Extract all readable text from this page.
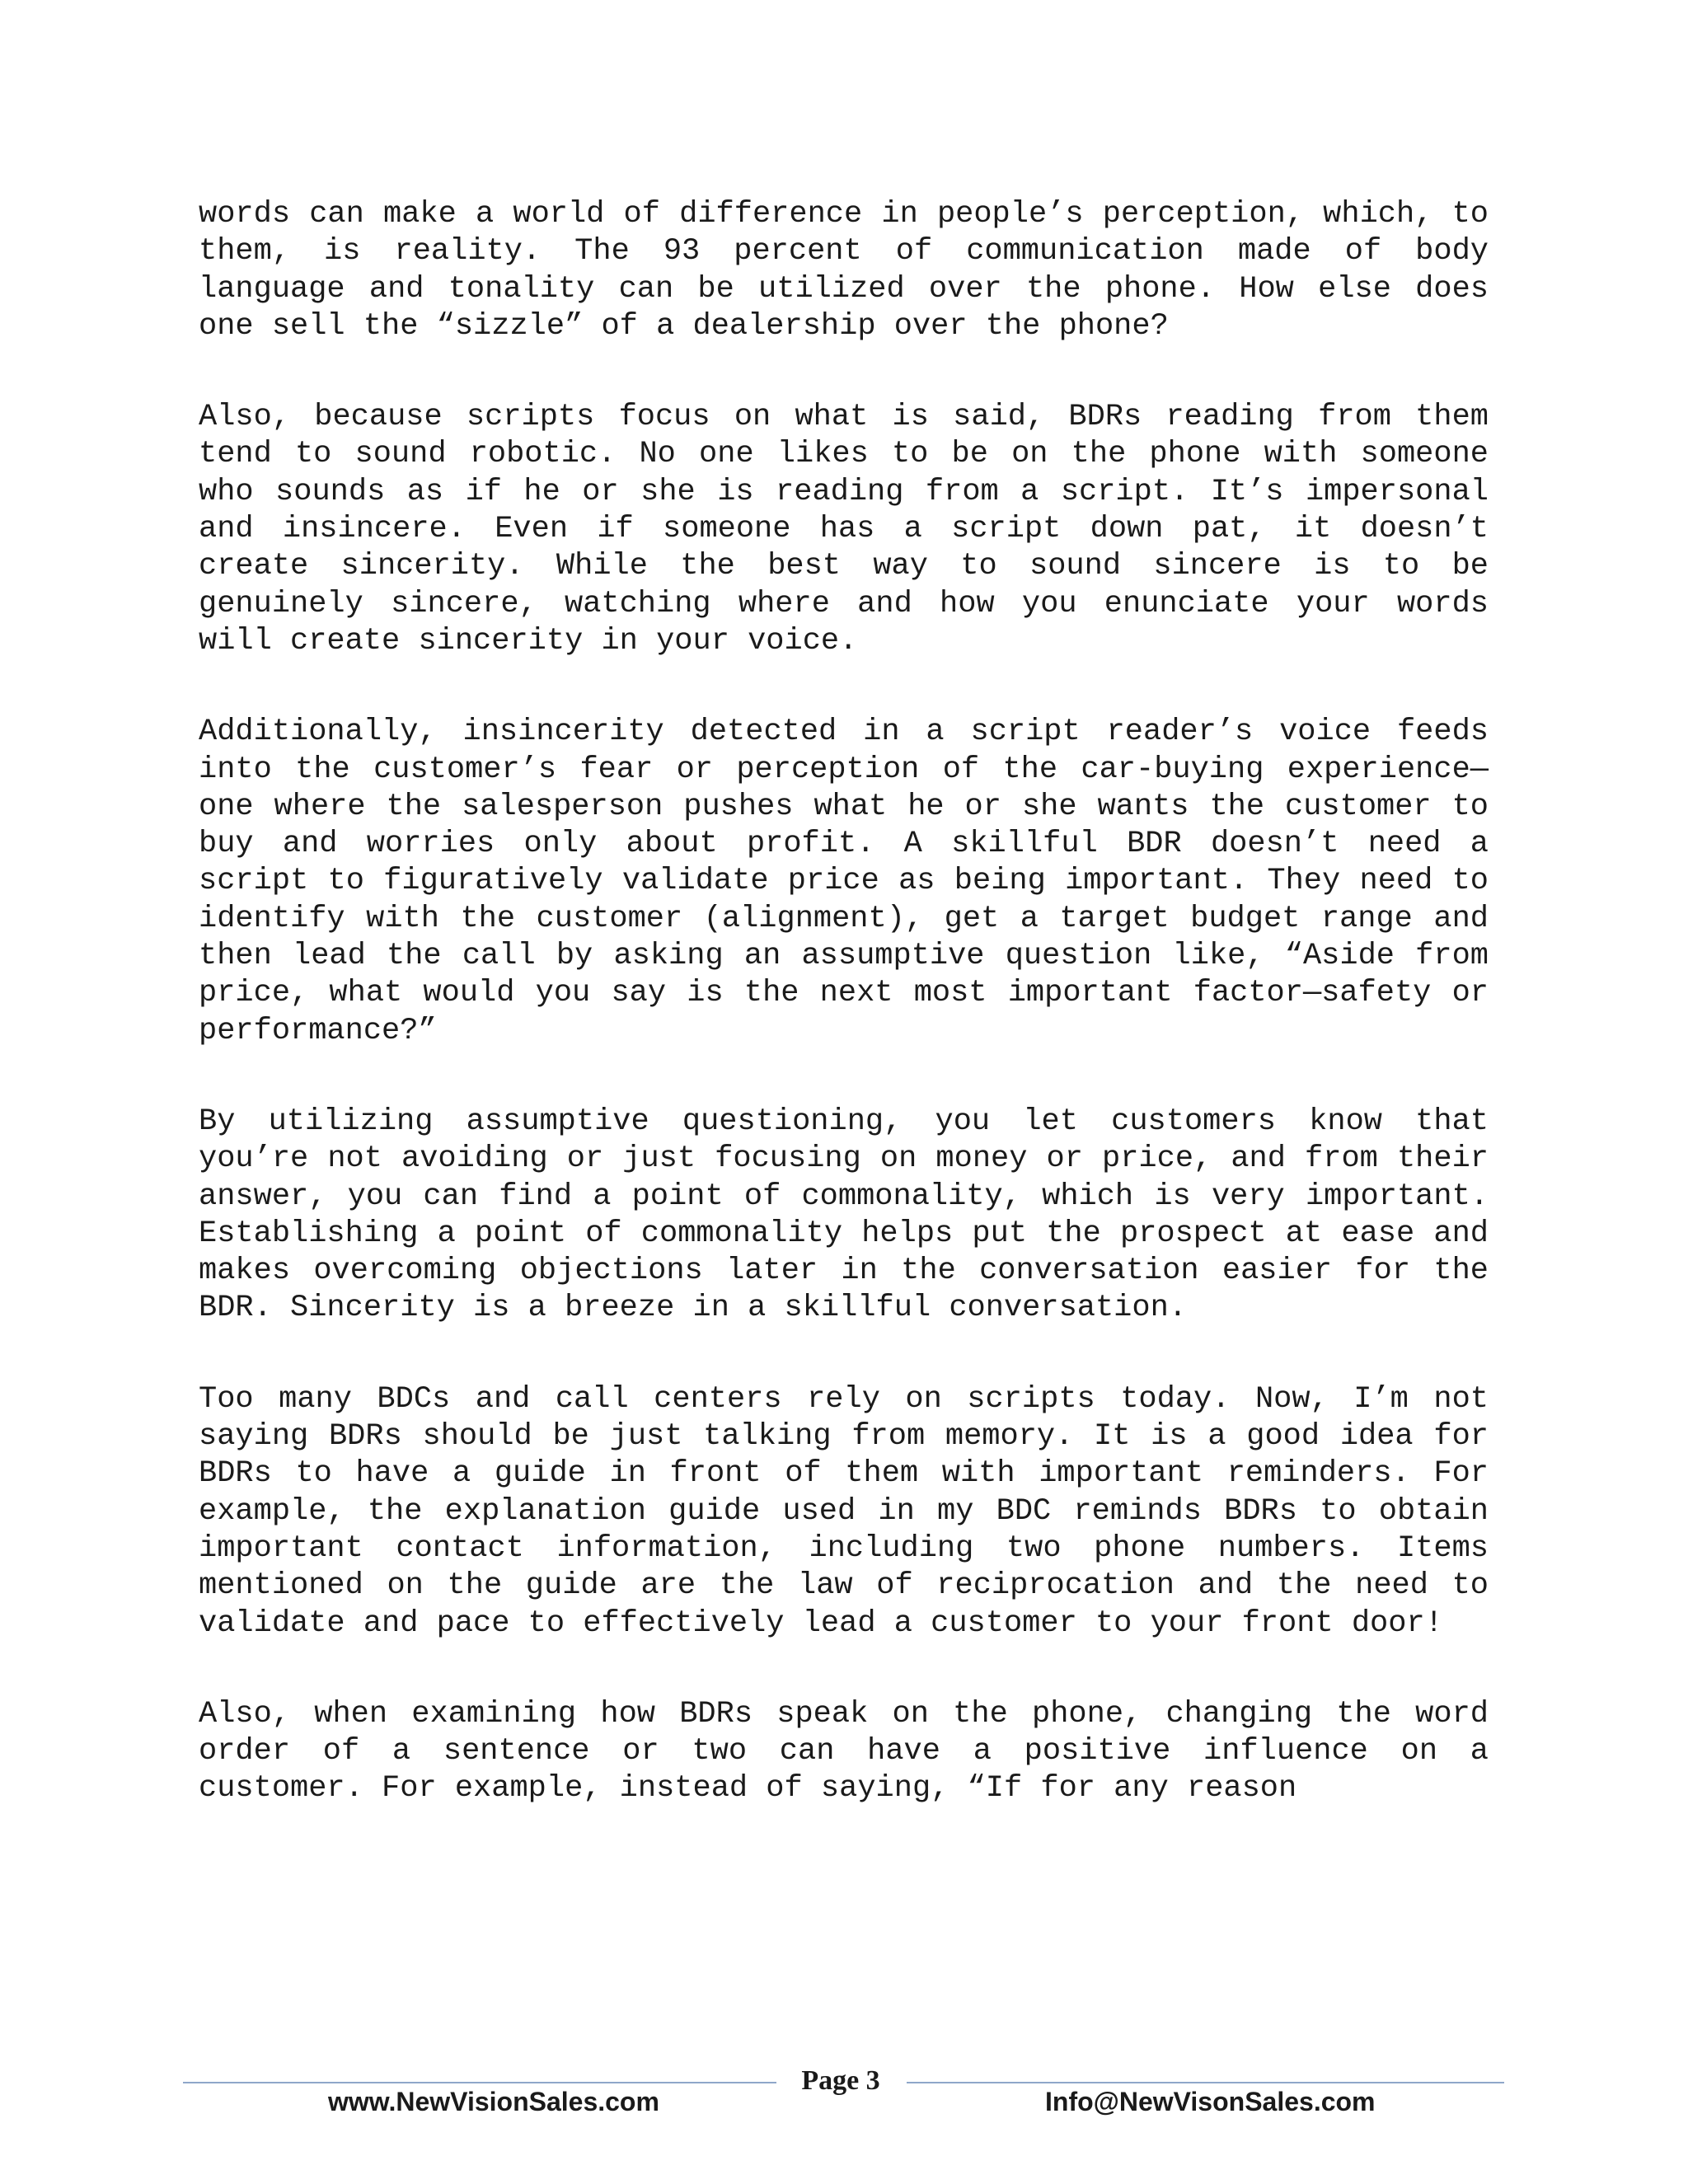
words can make a world of difference in people’s perception, which, to them, is reality. The 93 percent of communication made of body language and tonality can be utilized over the phone. How else does one sell the “sizzle” of a dealership over the phone?

Also, because scripts focus on what is said, BDRs reading from them tend to sound robotic. No one likes to be on the phone with someone who sounds as if he or she is reading from a script. It’s impersonal and insincere. Even if someone has a script down pat, it doesn’t create sincerity. While the best way to sound sincere is to be genuinely sincere, watching where and how you enunciate your words will create sincerity in your voice.

Additionally, insincerity detected in a script reader’s voice feeds into the customer’s fear or perception of the car-buying experience—one where the salesperson pushes what he or she wants the customer to buy and worries only about profit. A skillful BDR doesn’t need a script to figuratively validate price as being important. They need to identify with the customer (alignment), get a target budget range and then lead the call by asking an assumptive question like, “Aside from price, what would you say is the next most important factor—safety or performance?”

By utilizing assumptive questioning, you let customers know that you’re not avoiding or just focusing on money or price, and from their answer, you can find a point of commonality, which is very important. Establishing a point of commonality helps put the prospect at ease and makes overcoming objections later in the conversation easier for the BDR. Sincerity is a breeze in a skillful conversation.

Too many BDCs and call centers rely on scripts today. Now, I’m not saying BDRs should be just talking from memory. It is a good idea for BDRs to have a guide in front of them with important reminders. For example, the explanation guide used in my BDC reminds BDRs to obtain important contact information, including two phone numbers. Items mentioned on the guide are the law of reciprocation and the need to validate and pace to effectively lead a customer to your front door!

Also, when examining how BDRs speak on the phone, changing the word order of a sentence or two can have a positive influence on a customer. For example, instead of saying, “If for any reason

Page 3
www.NewVisionSales.com	Info@NewVisonSales.com
